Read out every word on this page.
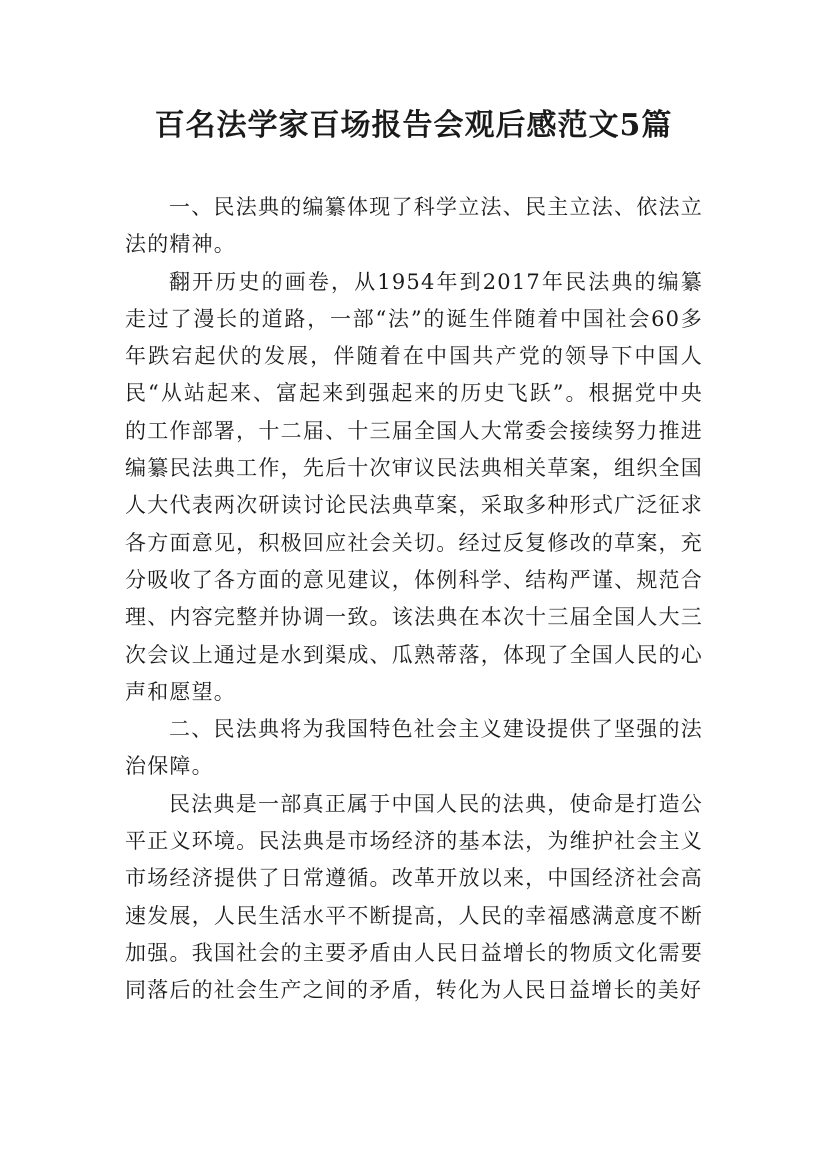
百名法学家百场报告会观后感范文5篇

一、民法典的编纂体现了科学立法、民主立法、依法立法的精神。

翻开历史的画卷，从1954年到2017年民法典的编纂走过了漫长的道路，一部“法”的诞生伴随着中国社会60多年跌宕起伏的发展，伴随着在中国共产党的领导下中国人民“从站起来、富起来到强起来的历史飞跃”。根据党中央的工作部署，十二届、十三届全国人大常委会接续努力推进编纂民法典工作，先后十次审议民法典相关草案，组织全国人大代表两次研读讨论民法典草案，采取多种形式广泛征求各方面意见，积极回应社会关切。经过反复修改的草案，充分吸收了各方面的意见建议，体例科学、结构严谨、规范合理、内容完整并协调一致。该法典在本次十三届全国人大三次会议上通过是水到渠成、瓜熟蒂落，体现了全国人民的心声和愿望。

二、民法典将为我国特色社会主义建设提供了坚强的法治保障。

民法典是一部真正属于中国人民的法典，使命是打造公平正义环境。民法典是市场经济的基本法，为维护社会主义市场经济提供了日常遵循。改革开放以来，中国经济社会高速发展，人民生活水平不断提高，人民的幸福感满意度不断加强。我国社会的主要矛盾由人民日益增长的物质文化需要同落后的社会生产之间的矛盾，转化为人民日益增长的美好
